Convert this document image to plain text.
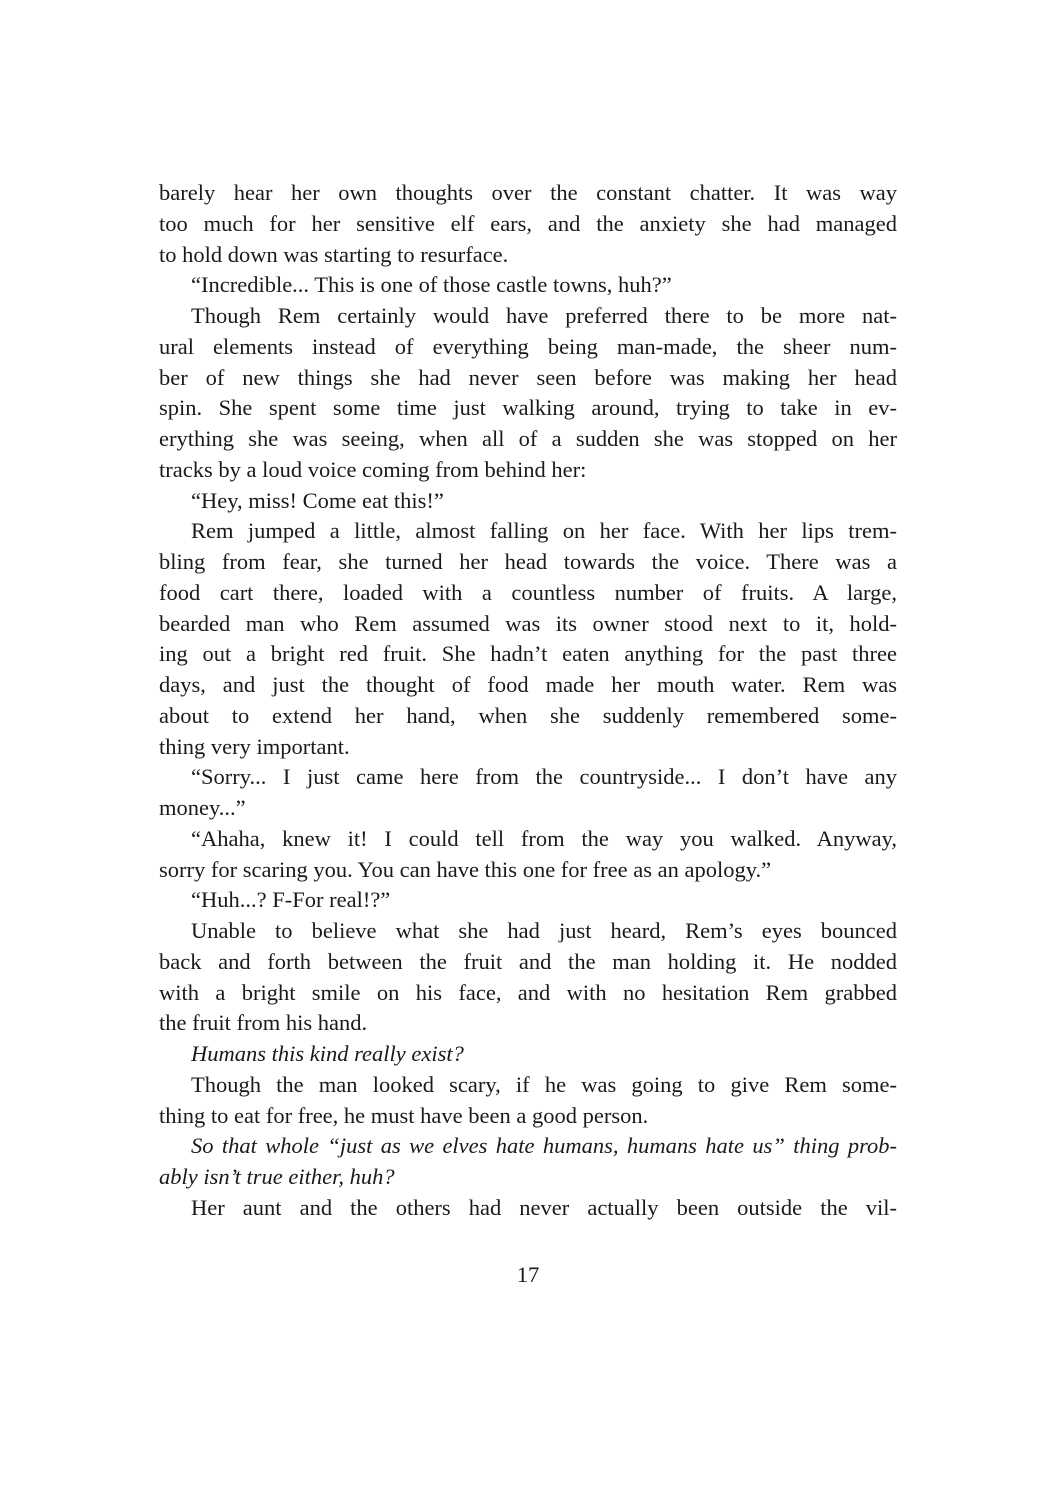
barely hear her own thoughts over the constant chatter. It was way
too much for her sensitive elf ears, and the anxiety she had managed
to hold down was starting to resurface.
“Incredible... This is one of those castle towns, huh?”
Though Rem certainly would have preferred there to be more nat-
ural elements instead of everything being man-made, the sheer num-
ber of new things she had never seen before was making her head
spin. She spent some time just walking around, trying to take in ev-
erything she was seeing, when all of a sudden she was stopped on her
tracks by a loud voice coming from behind her:
“Hey, miss! Come eat this!”
Rem jumped a little, almost falling on her face. With her lips trem-
bling from fear, she turned her head towards the voice. There was a
food cart there, loaded with a countless number of fruits. A large,
bearded man who Rem assumed was its owner stood next to it, hold-
ing out a bright red fruit. She hadn’t eaten anything for the past three
days, and just the thought of food made her mouth water. Rem was
about to extend her hand, when she suddenly remembered some-
thing very important.
“Sorry... I just came here from the countryside... I don’t have any
money...”
“Ahaha, knew it! I could tell from the way you walked. Anyway,
sorry for scaring you. You can have this one for free as an apology.”
“Huh...? F-For real!?”
Unable to believe what she had just heard, Rem’s eyes bounced
back and forth between the fruit and the man holding it. He nodded
with a bright smile on his face, and with no hesitation Rem grabbed
the fruit from his hand.
Humans this kind really exist?
Though the man looked scary, if he was going to give Rem some-
thing to eat for free, he must have been a good person.
So that whole “just as we elves hate humans, humans hate us” thing prob-
ably isn’t true either, huh?
Her aunt and the others had never actually been outside the vil-
17
